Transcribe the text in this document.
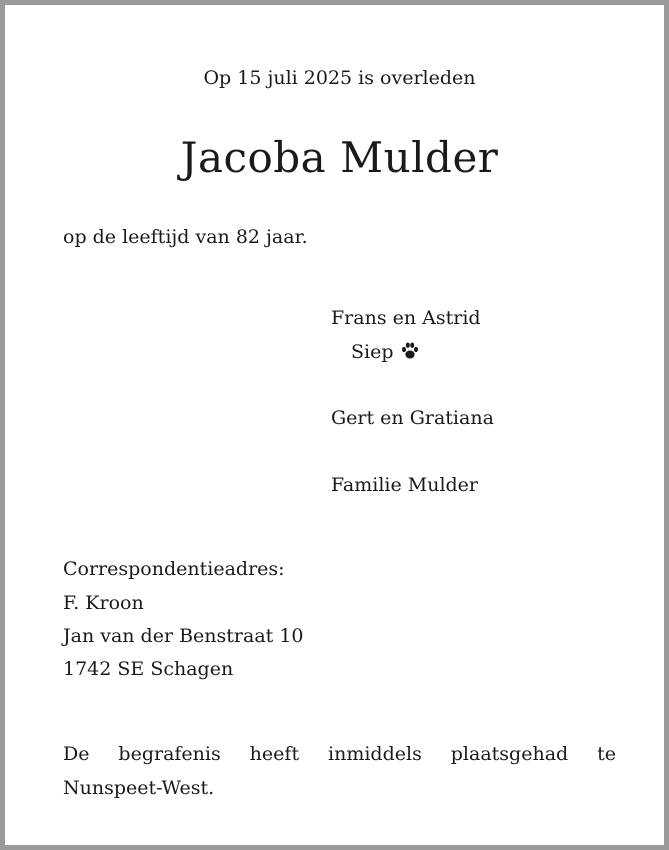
Op 15 juli 2025 is overleden
Jacoba Mulder
op de leeftijd van 82 jaar.
Frans en Astrid
Siep
Gert en Gratiana
Familie Mulder
Correspondentieadres:
F. Kroon
Jan van der Benstraat 10
1742 SE Schagen
De begrafenis heeft inmiddels plaatsgehad te
Nunspeet-West.
